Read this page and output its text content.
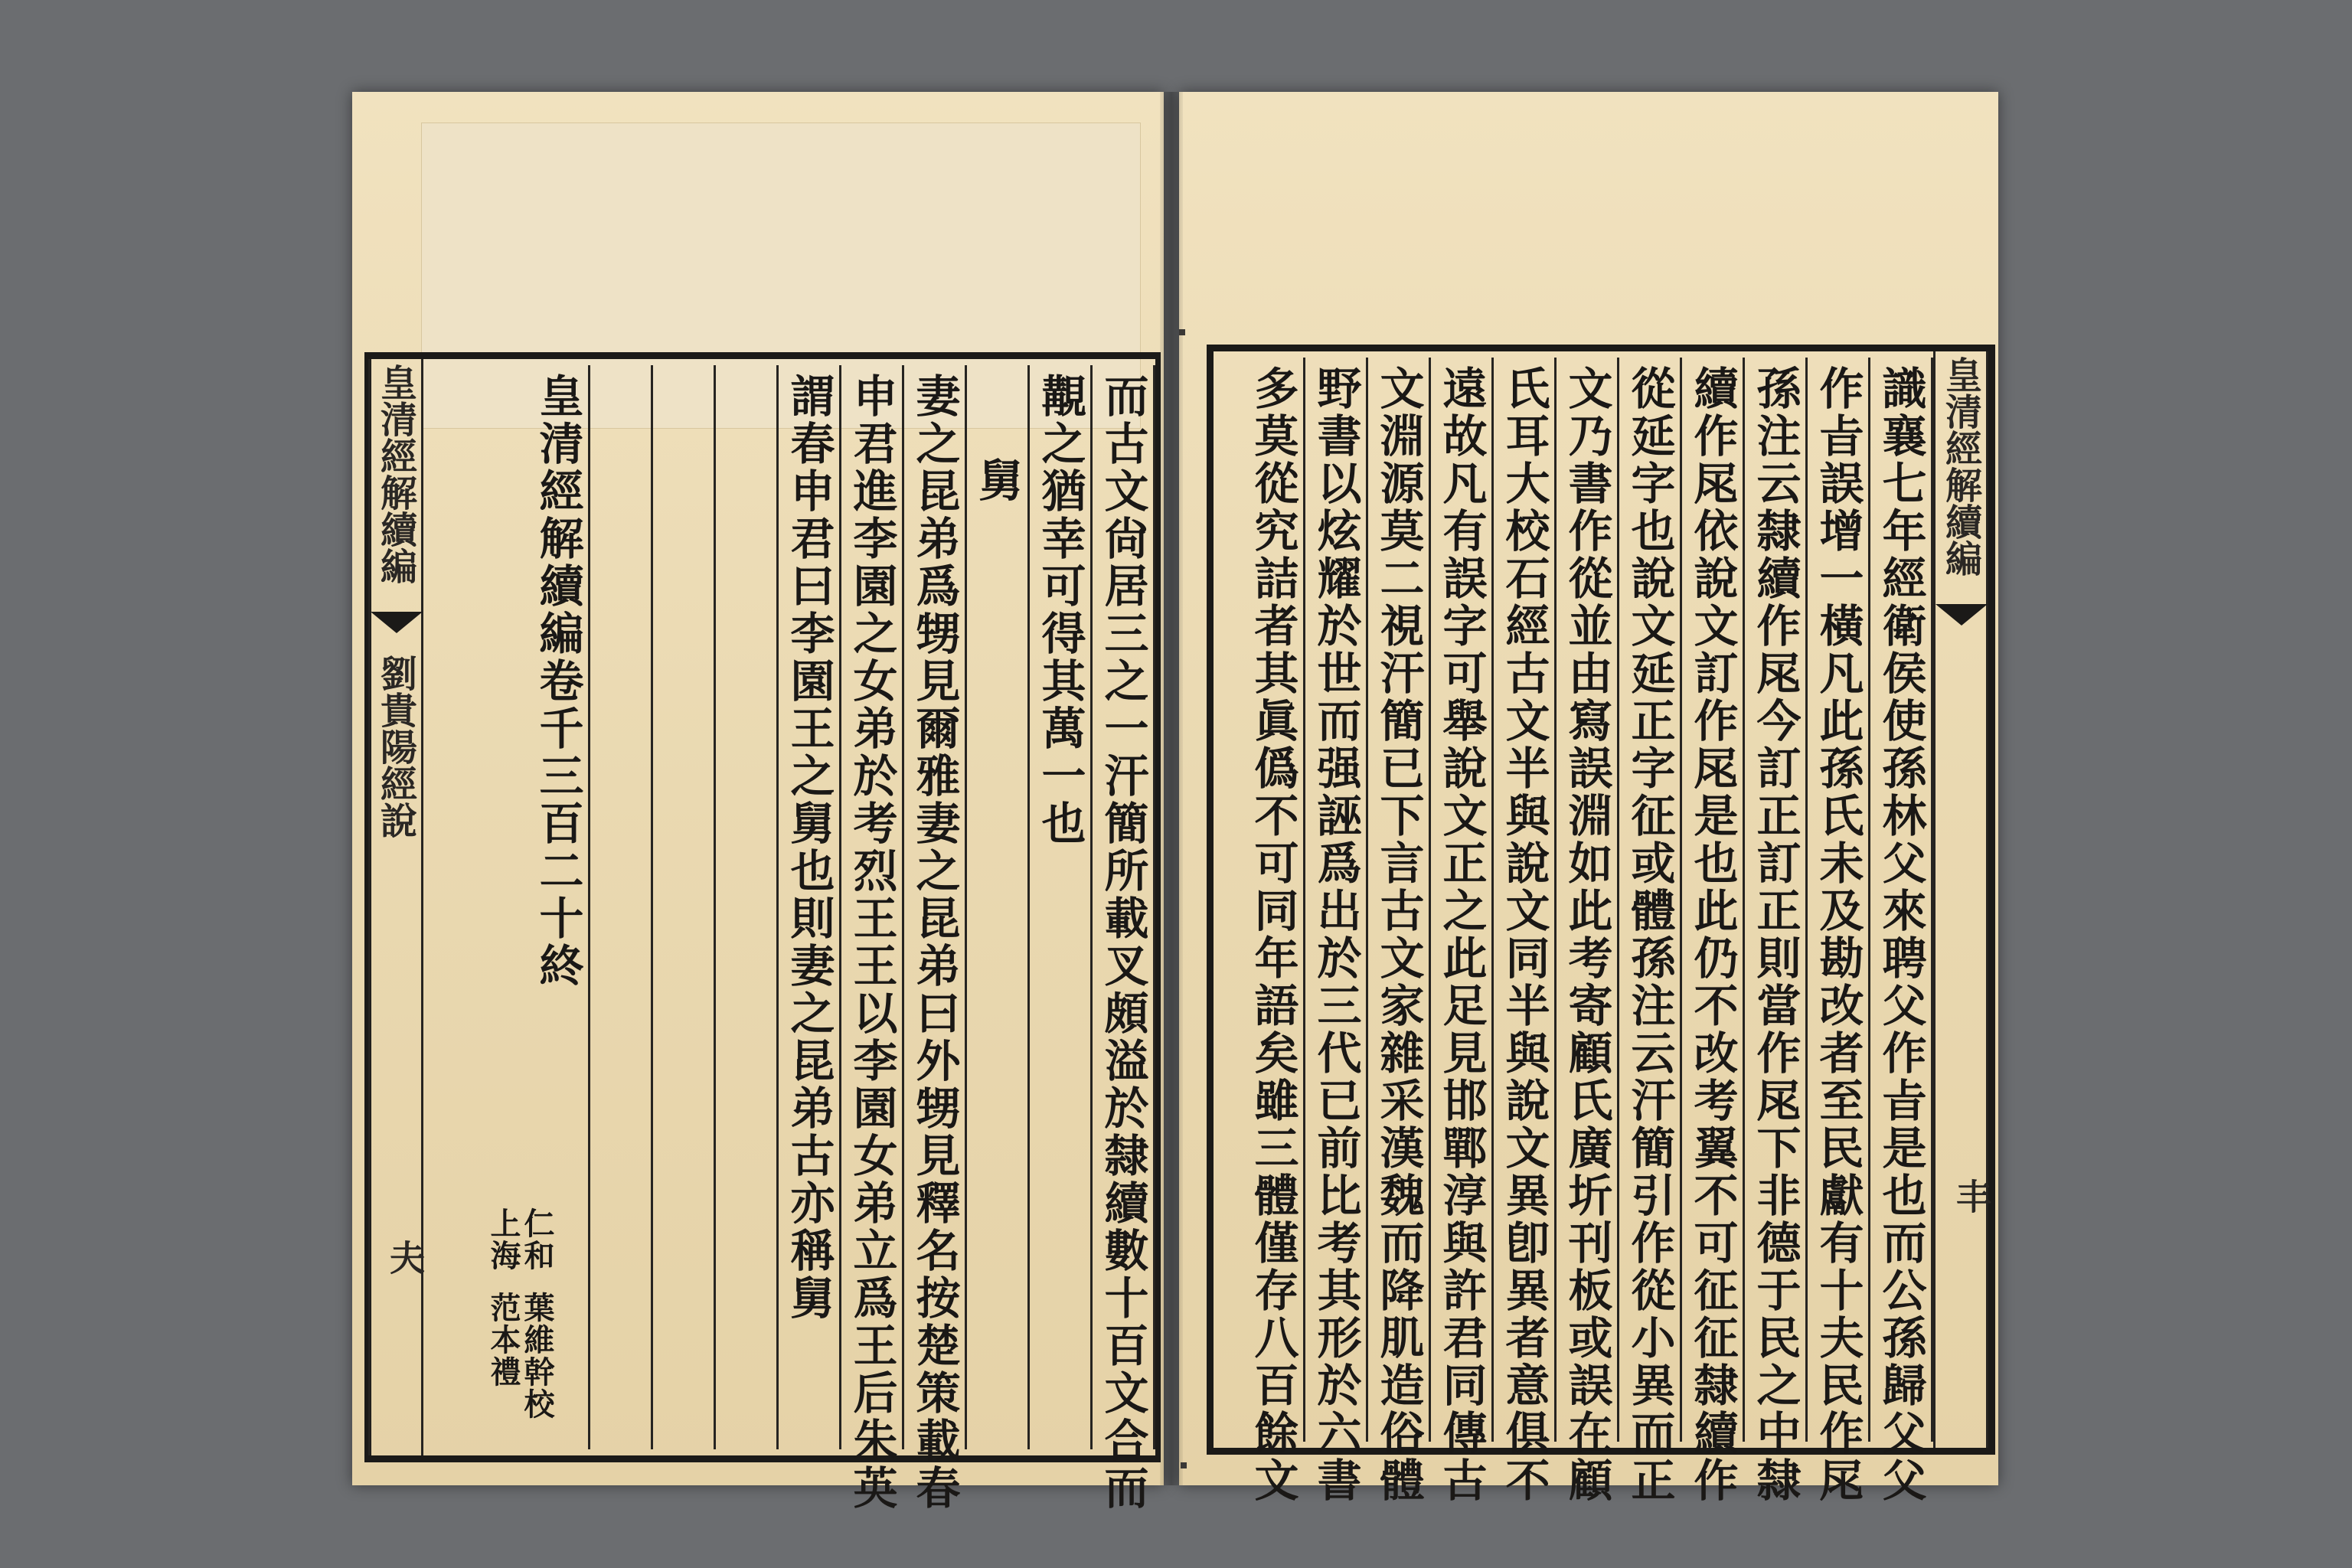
而古文尙居三之一汗簡所載叉頗溢於隸續數十百文合而
覯之猶幸可得其萬一也
舅
妻之昆弟爲甥見爾雅妻之昆弟曰外甥見釋名按楚策載春
申君進李園之女弟於考烈王王以李園女弟立爲王后朱英
謂春申君曰李園王之舅也則妻之昆弟古亦稱舅
皇清經解續編卷千三百二十終
仁和
葉維幹校
上海
范本禮
皇清經解續編
劉貴陽經說
夫
皇清經解續編
丰
識襄七年經衛侯使孫林父來聘父作㫖是也而公孫歸父父
作㫖誤增一橫凡此孫氏未及勘改者至民獻有十夫民作㞑
孫注云隸續作㞑今訂正訂正則當作㞑下非德于民之中隸
續作㞑依說文訂作㞑是也此仍不改考翼不可征征隸續作
從延字也說文延正字征或體孫注云汗簡引作從小異而正
文乃書作從並由寫誤淵如此考寄顧氏廣圻刊板或誤在顧
氏耳大校石經古文半與說文同半與說文異卽異者意俱不
遠故凡有誤字可舉說文正之此足見邯鄲淳與許君同傳古
文淵源莫二視汗簡已下言古文家雜采漢魏而降肌造俗體
野書以炫耀於世而强誣爲出於三代已前比考其形於六書
多莫從究詰者其眞僞不可同年語矣雖三體僅存八百餘文
